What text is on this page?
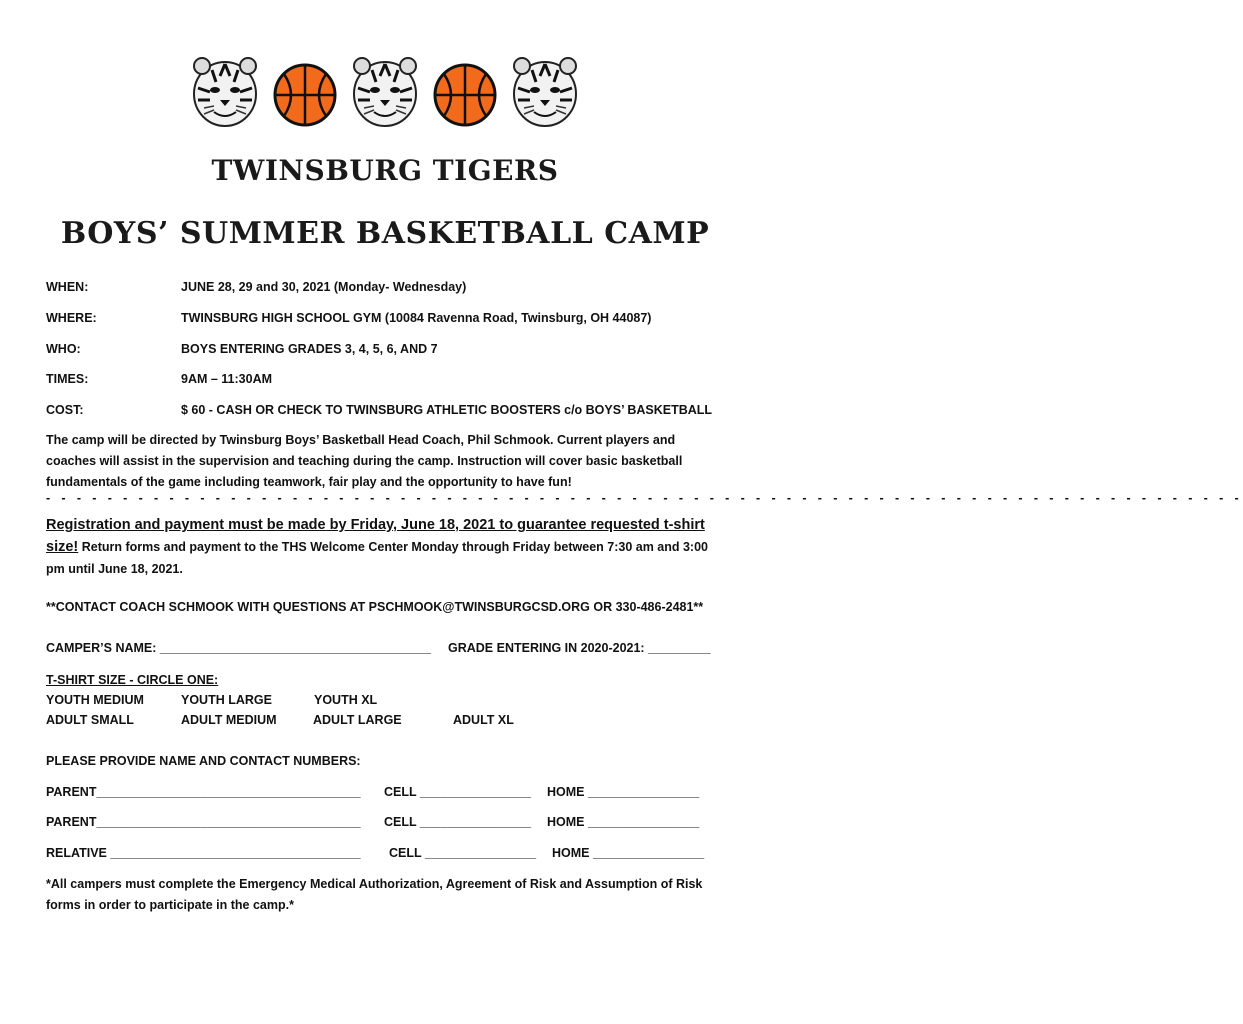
TWINSBURG TIGERS
BOYS’ SUMMER BASKETBALL CAMP
WHEN:	JUNE 28, 29 and 30, 2021 (Monday- Wednesday)
WHERE:	TWINSBURG HIGH SCHOOL GYM (10084 Ravenna Road, Twinsburg, OH 44087)
WHO:	BOYS ENTERING GRADES 3, 4, 5, 6, AND 7
TIMES:	9AM – 11:30AM
COST:	$ 60 - CASH OR CHECK TO TWINSBURG ATHLETIC BOOSTERS c/o BOYS’ BASKETBALL

The camp will be directed by Twinsburg Boys’ Basketball Head Coach, Phil Schmook. Current players and coaches will assist in the supervision and teaching during the camp. Instruction will cover basic basketball fundamentals of the game including teamwork, fair play and the opportunity to have fun!

- - - - - - - - - - - - - - - - - - - - - - - - - - - - - - - - - - - - - - - - - - - - - - - - - - - - - - - - - - - - - - - - - - - - - - - - - - - - - -

Registration and payment must be made by Friday, June 18, 2021 to guarantee requested t-shirt size! Return forms and payment to the THS Welcome Center Monday through Friday between 7:30 am and 3:00 pm until June 18, 2021.

**CONTACT COACH SCHMOOK WITH QUESTIONS AT PSCHMOOK@TWINSBURGCSD.ORG OR 330-486-2481**

CAMPER’S NAME: _______________________________________ GRADE ENTERING IN 2020-2021: _________

T-SHIRT SIZE - CIRCLE ONE:

YOUTH MEDIUM	YOUTH LARGE	YOUTH XL
ADULT SMALL	ADULT MEDIUM	ADULT LARGE	ADULT XL

PLEASE PROVIDE NAME AND CONTACT NUMBERS:

PARENT______________________________________ CELL ________________ HOME ________________
PARENT______________________________________ CELL ________________ HOME ________________
RELATIVE ____________________________________ CELL ________________ HOME ________________

*All campers must complete the Emergency Medical Authorization, Agreement of Risk and Assumption of Risk forms in order to participate in the camp.*
